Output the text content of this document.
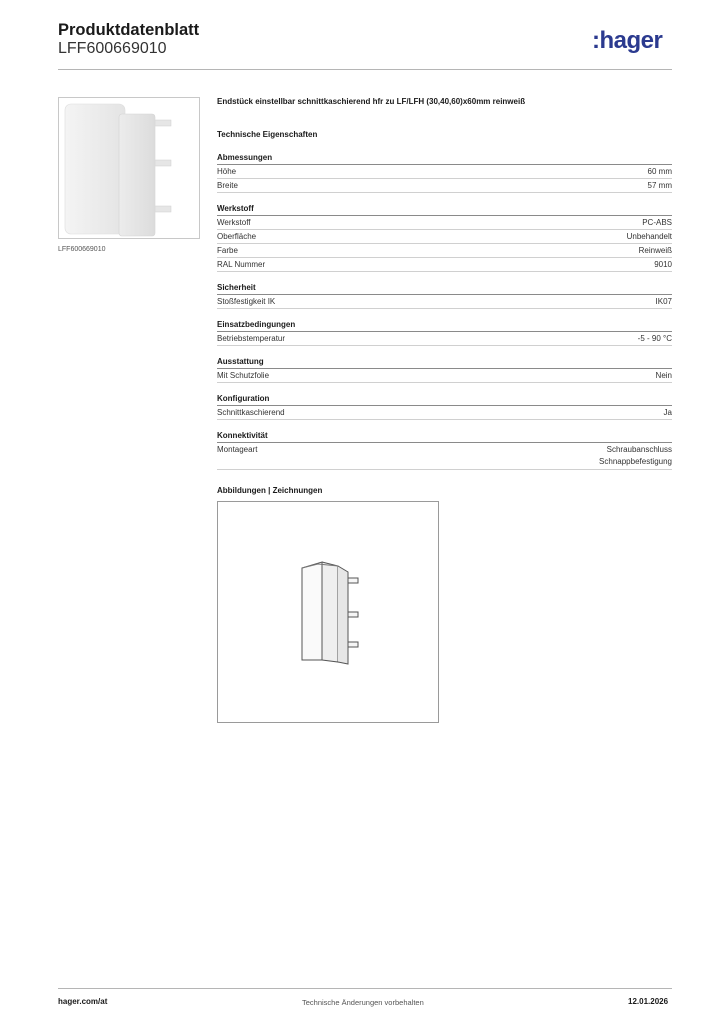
Produktdatenblatt
LFF600669010	:hager
LFF600669010
Endstück einstellbar schnittkaschierend hfr zu LF/LFH (30,40,60)x60mm reinweiß
Technische Eigenschaften
Abmessungen
Höhe	60 mm
Breite	57 mm
Werkstoff
Werkstoff	PC-ABS
Oberfläche	Unbehandelt
Farbe	Reinweiß
RAL Nummer	9010
Sicherheit
Stoßfestigkeit IK	IK07
Einsatzbedingungen
Betriebstemperatur	-5 - 90 °C
Ausstattung
Mit Schutzfolie	Nein
Konfiguration
Schnittkaschierend	Ja
Konnektivität
Montageart	Schraubanschluss
Schnappbefestigung
Abbildungen | Zeichnungen
hager.com/at	Technische Änderungen vorbehalten	12.01.2026
